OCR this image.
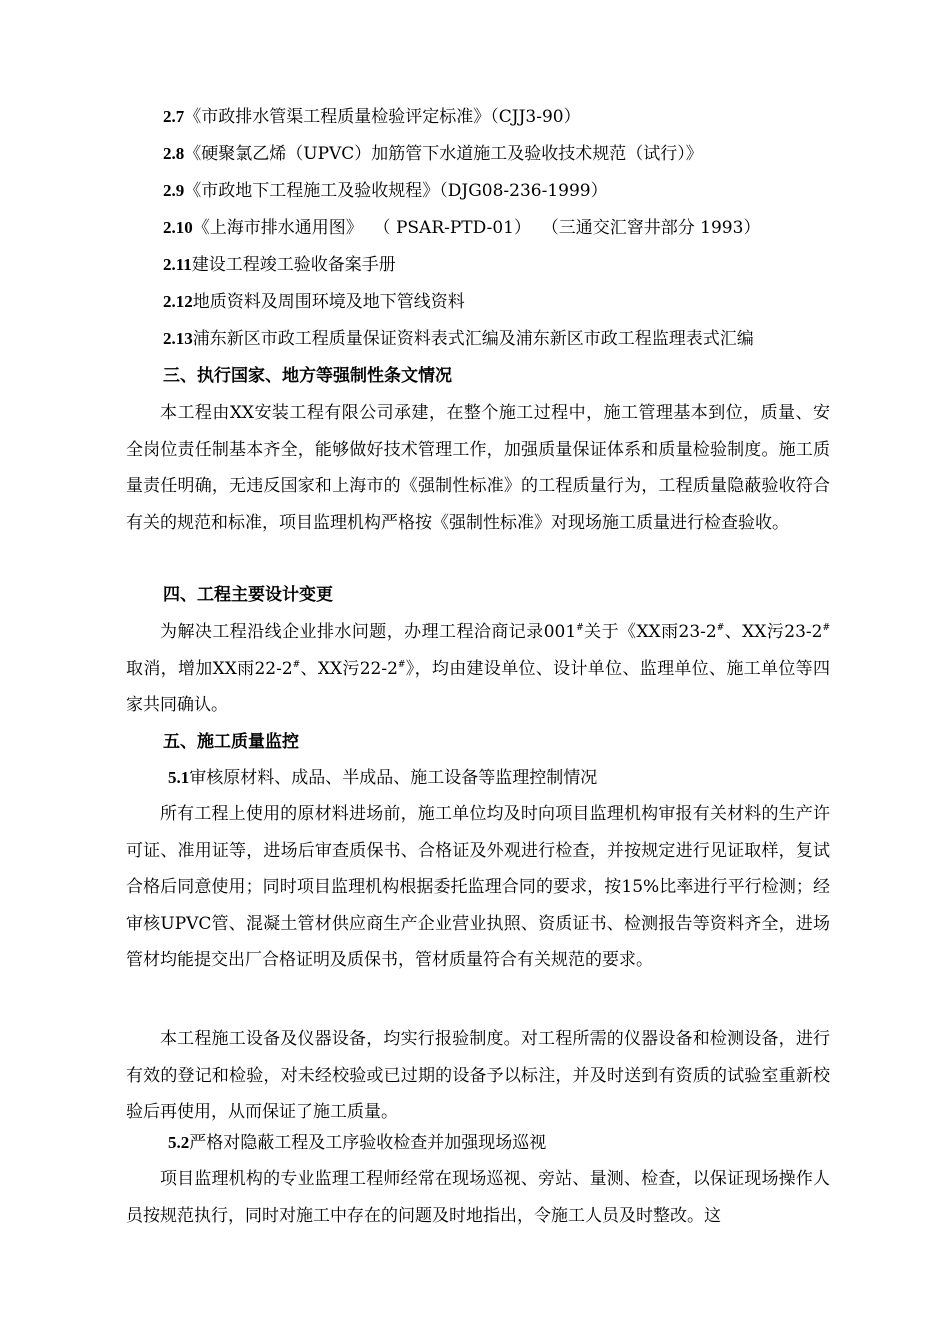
2.7《市政排水管渠工程质量检验评定标准》（CJJ3-90）
2.8《硬聚氯乙烯（UPVC）加筋管下水道施工及验收技术规范（试行）》
2.9《市政地下工程施工及验收规程》（DJG08-236-1999）
2.10《上海市排水通用图》  （ PSAR-PTD-01）  （三通交汇窨井部分 1993）
2.11建设工程竣工验收备案手册
2.12地质资料及周围环境及地下管线资料
2.13浦东新区市政工程质量保证资料表式汇编及浦东新区市政工程监理表式汇编
三、执行国家、地方等强制性条文情况

本工程由XX安装工程有限公司承建，在整个施工过程中，施工管理基本到位，质量、安全岗位责任制基本齐全，能够做好技术管理工作，加强质量保证体系和质量检验制度。施工质量责任明确，无违反国家和上海市的《强制性标准》的工程质量行为，工程质量隐蔽验收符合有关的规范和标准，项目监理机构严格按《强制性标准》对现场施工质量进行检查验收。

四、工程主要设计变更

为解决工程沿线企业排水问题，办理工程洽商记录001#关于《XX雨23-2#、XX污23-2#取消，增加XX雨22-2#、XX污22-2#》，均由建设单位、设计单位、监理单位、施工单位等四家共同确认。

五、施工质量监控
5.1审核原材料、成品、半成品、施工设备等监理控制情况

所有工程上使用的原材料进场前，施工单位均及时向项目监理机构审报有关材料的生产许可证、准用证等，进场后审查质保书、合格证及外观进行检查，并按规定进行见证取样，复试合格后同意使用；同时项目监理机构根据委托监理合同的要求，按15%比率进行平行检测；经审核UPVC管、混凝土管材供应商生产企业营业执照、资质证书、检测报告等资料齐全，进场管材均能提交出厂合格证明及质保书，管材质量符合有关规范的要求。

本工程施工设备及仪器设备，均实行报验制度。对工程所需的仪器设备和检测设备，进行有效的登记和检验，对未经校验或已过期的设备予以标注，并及时送到有资质的试验室重新校验后再使用，从而保证了施工质量。

5.2严格对隐蔽工程及工序验收检查并加强现场巡视

项目监理机构的专业监理工程师经常在现场巡视、旁站、量测、检查，以保证现场操作人员按规范执行，同时对施工中存在的问题及时地指出，令施工人员及时整改。这
